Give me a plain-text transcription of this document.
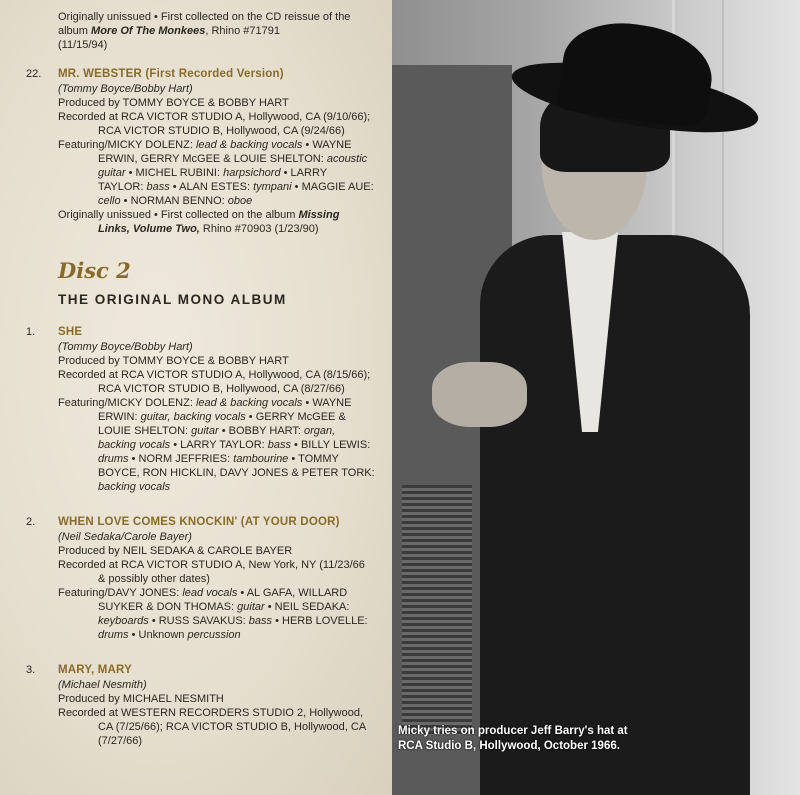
Originally unissued • First collected on the CD reissue of the
album More Of The Monkees, Rhino #71791
(11/15/94)
22. MR. WEBSTER (First Recorded Version)
(Tommy Boyce/Bobby Hart)
Produced by TOMMY BOYCE & BOBBY HART
Recorded at RCA VICTOR STUDIO A, Hollywood, CA (9/10/66);
RCA VICTOR STUDIO B, Hollywood, CA (9/24/66)
Featuring/MICKY DOLENZ: lead & backing vocals • WAYNE
ERWIN, GERRY McGEE & LOUIE SHELTON: acoustic
guitar • MICHEL RUBINI: harpsichord • LARRY
TAYLOR: bass • ALAN ESTES: tympani • MAGGIE AUE:
cello • NORMAN BENNO: oboe
Originally unissued • First collected on the album Missing
Links, Volume Two, Rhino #70903 (1/23/90)
Disc 2
THE ORIGINAL MONO ALBUM
1. SHE
(Tommy Boyce/Bobby Hart)
Produced by TOMMY BOYCE & BOBBY HART
Recorded at RCA VICTOR STUDIO A, Hollywood, CA (8/15/66);
RCA VICTOR STUDIO B, Hollywood, CA (8/27/66)
Featuring/MICKY DOLENZ: lead & backing vocals • WAYNE
ERWIN: guitar, backing vocals • GERRY McGEE &
LOUIE SHELTON: guitar • BOBBY HART: organ,
backing vocals • LARRY TAYLOR: bass • BILLY LEWIS:
drums • NORM JEFFRIES: tambourine • TOMMY
BOYCE, RON HICKLIN, DAVY JONES & PETER TORK:
backing vocals
2. WHEN LOVE COMES KNOCKIN' (AT YOUR DOOR)
(Neil Sedaka/Carole Bayer)
Produced by NEIL SEDAKA & CAROLE BAYER
Recorded at RCA VICTOR STUDIO A, New York, NY (11/23/66
& possibly other dates)
Featuring/DAVY JONES: lead vocals • AL GAFA, WILLARD
SUYKER & DON THOMAS: guitar • NEIL SEDAKA:
keyboards • RUSS SAVAKUS: bass • HERB LOVELLE:
drums • Unknown percussion
3. MARY, MARY
(Michael Nesmith)
Produced by MICHAEL NESMITH
Recorded at WESTERN RECORDERS STUDIO 2, Hollywood,
CA (7/25/66); RCA VICTOR STUDIO B, Hollywood, CA
(7/27/66)
Micky tries on producer Jeff Barry's hat at
RCA Studio B, Hollywood, October 1966.
